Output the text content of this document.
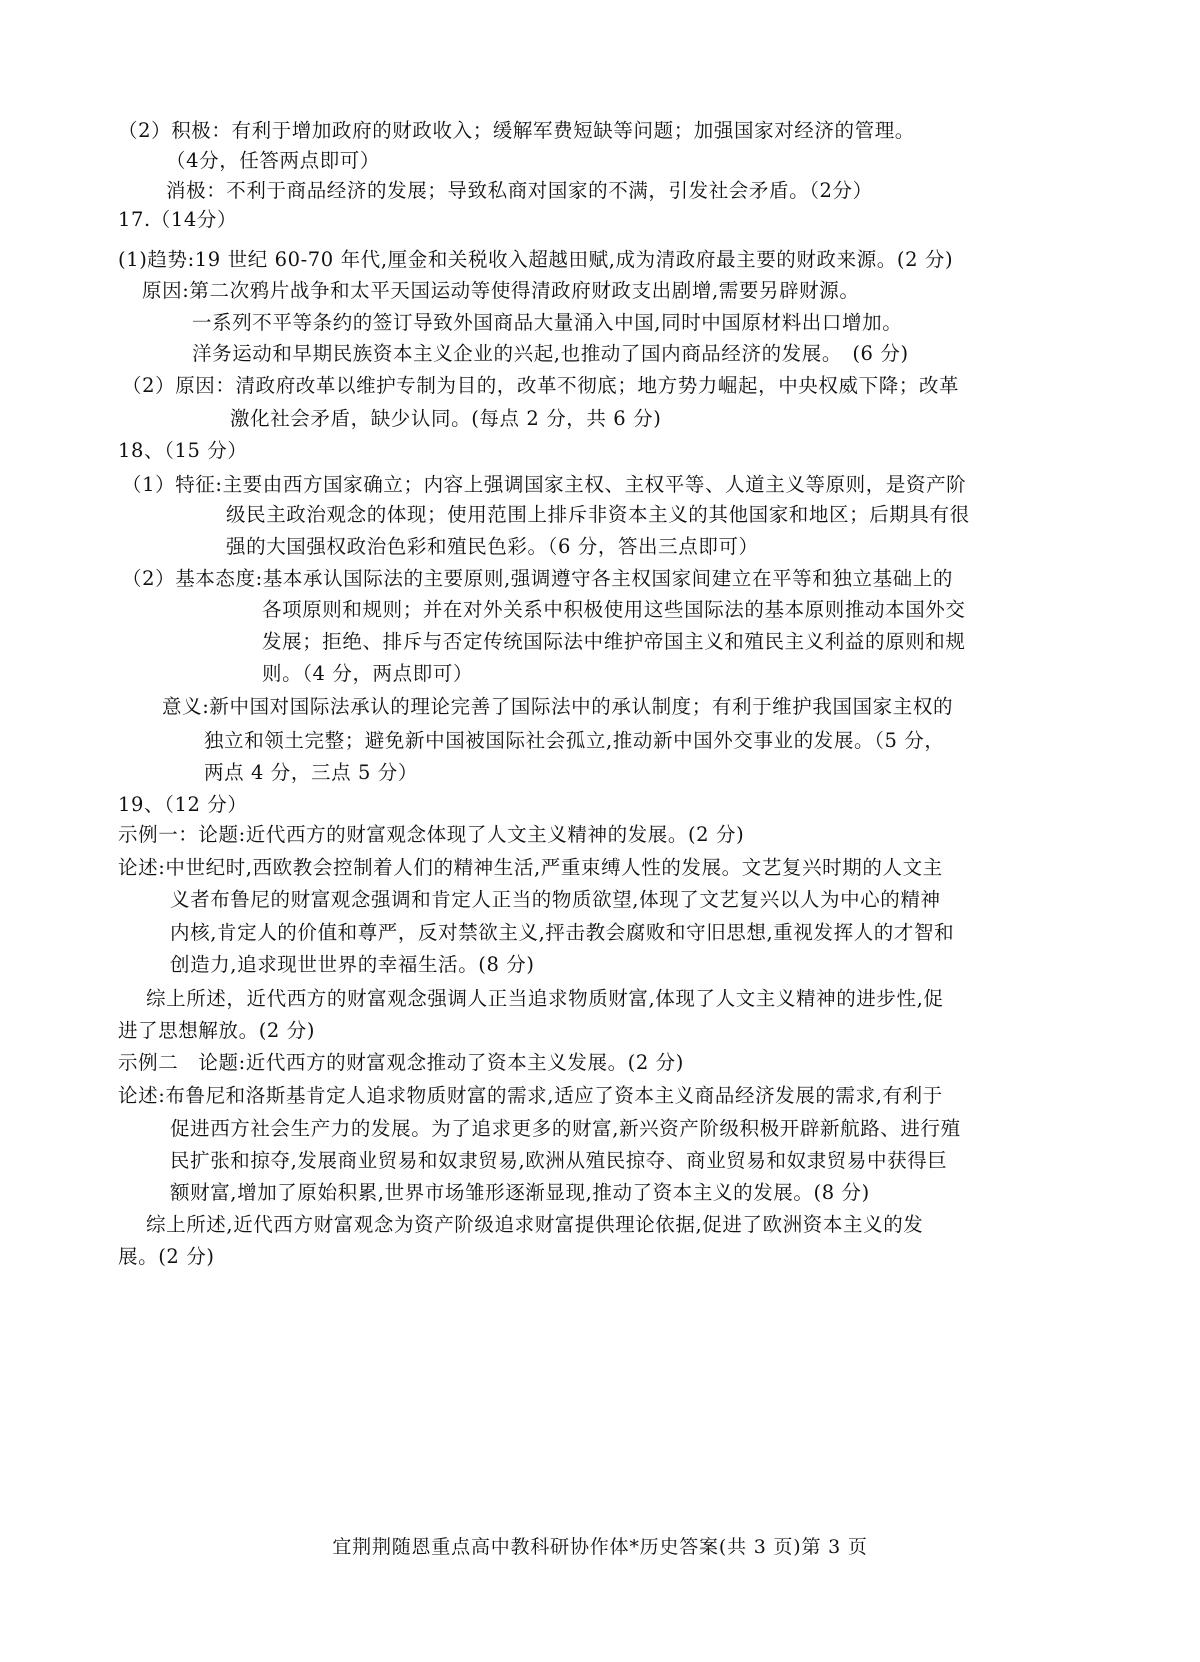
（2）积极：有利于增加政府的财政收入；缓解军费短缺等问题；加强国家对经济的管理。
（4分，任答两点即可）
消极：不利于商品经济的发展；导致私商对国家的不满，引发社会矛盾。（2分）
17.（14分）
(1)趋势:19 世纪 60-70 年代,厘金和关税收入超越田赋,成为清政府最主要的财政来源。(2 分)
原因:第二次鸦片战争和太平天国运动等使得清政府财政支出剧增,需要另辟财源。
一系列不平等条约的签订导致外国商品大量涌入中国,同时中国原材料出口增加。
洋务运动和早期民族资本主义企业的兴起,也推动了国内商品经济的发展。　(6 分)
（2）原因：清政府改革以维护专制为目的，改革不彻底；地方势力崛起，中央权威下降；改革
激化社会矛盾，缺少认同。(每点 2 分，共 6 分)
18、（15 分）
（1）特征:主要由西方国家确立；内容上强调国家主权、主权平等、人道主义等原则，是资产阶
级民主政治观念的体现；使用范围上排斥非资本主义的其他国家和地区；后期具有很
强的大国强权政治色彩和殖民色彩。（6 分，答出三点即可）
（2）基本态度:基本承认国际法的主要原则,强调遵守各主权国家间建立在平等和独立基础上的
各项原则和规则；并在对外关系中积极使用这些国际法的基本原则推动本国外交
发展；拒绝、排斥与否定传统国际法中维护帝国主义和殖民主义利益的原则和规
则。（4 分，两点即可）
意义:新中国对国际法承认的理论完善了国际法中的承认制度；有利于维护我国国家主权的
独立和领土完整；避免新中国被国际社会孤立,推动新中国外交事业的发展。（5 分，
两点 4 分，三点 5 分）
19、（12 分）
示例一：论题:近代西方的财富观念体现了人文主义精神的发展。(2 分)
论述:中世纪时,西欧教会控制着人们的精神生活,严重束缚人性的发展。文艺复兴时期的人文主
义者布鲁尼的财富观念强调和肯定人正当的物质欲望,体现了文艺复兴以人为中心的精神
内核,肯定人的价值和尊严，反对禁欲主义,抨击教会腐败和守旧思想,重视发挥人的才智和
创造力,追求现世世界的幸福生活。(8 分)
综上所述，近代西方的财富观念强调人正当追求物质财富,体现了人文主义精神的进步性,促
进了思想解放。(2 分)
示例二　论题:近代西方的财富观念推动了资本主义发展。(2 分)
论述:布鲁尼和洛斯基肯定人追求物质财富的需求,适应了资本主义商品经济发展的需求,有利于
促进西方社会生产力的发展。为了追求更多的财富,新兴资产阶级积极开辟新航路、进行殖
民扩张和掠夺,发展商业贸易和奴隶贸易,欧洲从殖民掠夺、商业贸易和奴隶贸易中获得巨
额财富,增加了原始积累,世界市场雏形逐渐显现,推动了资本主义的发展。(8 分)
综上所述,近代西方财富观念为资产阶级追求财富提供理论依据,促进了欧洲资本主义的发
展。(2 分)
宜荆荆随恩重点高中教科研协作体*历史答案(共 3 页)第 3 页
